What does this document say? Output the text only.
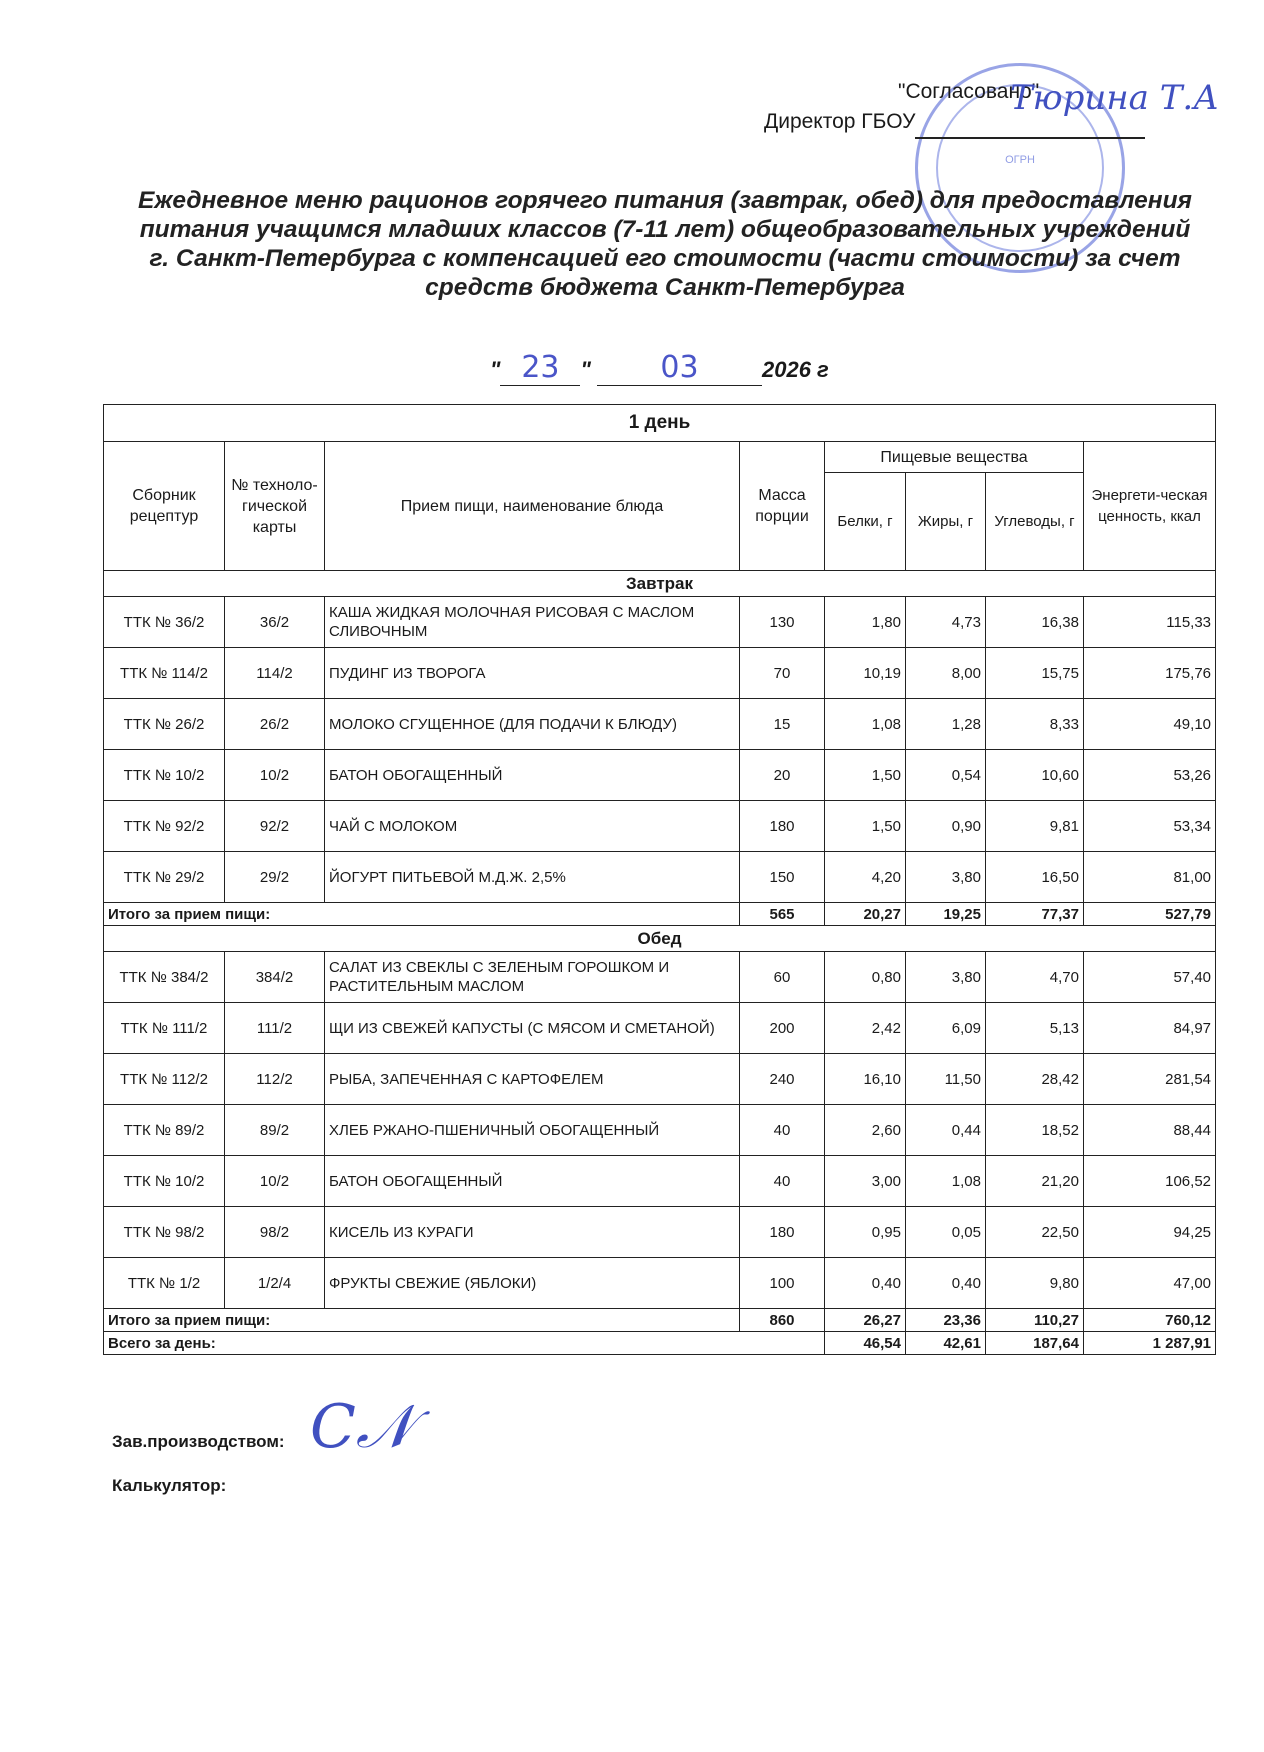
ОГРН
"Согласовано"
Директор ГБОУ
Тюрина Т.А
Ежедневное меню рационов горячего питания (завтрак, обед) для предоставления
питания учащимся младших классов (7-11 лет) общеобразовательных учреждений
г. Санкт-Петербурга с компенсацией его стоимости (части стоимости) за счет
средств бюджета Санкт-Петербурга
" 23 " 03	2026 г
1 день							
Сборник рецептур	№ техноло-гической карты	Прием пищи, наименование блюда	Масса порции	Пищевые вещества			Энергети-ческая ценность, ккал
				Белки, г	Жиры, г	Углеводы, г	
Завтрак							
ТТК № 36/2	36/2	КАША ЖИДКАЯ МОЛОЧНАЯ РИСОВАЯ С МАСЛОМ СЛИВОЧНЫМ	130	1,80	4,73	16,38	115,33
ТТК № 114/2	114/2	ПУДИНГ ИЗ ТВОРОГА	70	10,19	8,00	15,75	175,76
ТТК № 26/2	26/2	МОЛОКО СГУЩЕННОЕ (ДЛЯ ПОДАЧИ К БЛЮДУ)	15	1,08	1,28	8,33	49,10
ТТК № 10/2	10/2	БАТОН ОБОГАЩЕННЫЙ	20	1,50	0,54	10,60	53,26
ТТК № 92/2	92/2	ЧАЙ С МОЛОКОМ	180	1,50	0,90	9,81	53,34
ТТК № 29/2	29/2	ЙОГУРТ ПИТЬЕВОЙ М.Д.Ж. 2,5%	150	4,20	3,80	16,50	81,00
Итого за прием пищи:			565	20,27	19,25	77,37	527,79
Обед							
ТТК № 384/2	384/2	САЛАТ ИЗ СВЕКЛЫ С ЗЕЛЕНЫМ ГОРОШКОМ И РАСТИТЕЛЬНЫМ МАСЛОМ	60	0,80	3,80	4,70	57,40
ТТК № 111/2	111/2	ЩИ ИЗ СВЕЖЕЙ КАПУСТЫ (С МЯСОМ И СМЕТАНОЙ)	200	2,42	6,09	5,13	84,97
ТТК № 112/2	112/2	РЫБА, ЗАПЕЧЕННАЯ С КАРТОФЕЛЕМ	240	16,10	11,50	28,42	281,54
ТТК № 89/2	89/2	ХЛЕБ РЖАНО-ПШЕНИЧНЫЙ ОБОГАЩЕННЫЙ	40	2,60	0,44	18,52	88,44
ТТК № 10/2	10/2	БАТОН ОБОГАЩЕННЫЙ	40	3,00	1,08	21,20	106,52
ТТК № 98/2	98/2	КИСЕЛЬ ИЗ КУРАГИ	180	0,95	0,05	22,50	94,25
ТТК № 1/2	1/2/4	ФРУКТЫ СВЕЖИЕ (ЯБЛОКИ)	100	0,40	0,40	9,80	47,00
Итого за прием пищи:			860	26,27	23,36	110,27	760,12
Всего за день:				46,54	42,61	187,64	1 287,91
Зав.производством: C𝒩
Калькулятор:
